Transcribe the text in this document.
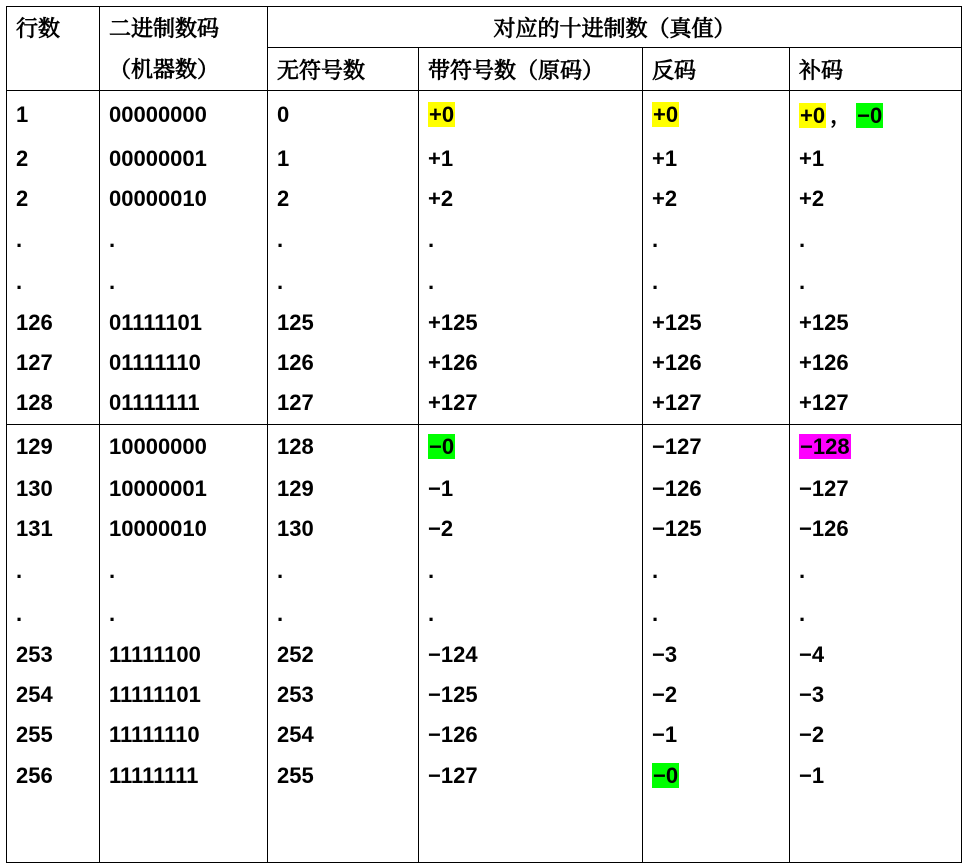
行数	二进制数码	对应的十进制数（真值）			
	（机器数）	无符号数	带符号数（原码）	反码	补码
1	00000000	0	+0	+0	+0 ， −0
2	00000001	1	+1	+1	+1
2	00000010	2	+2	+2	+2
.	.	.	.	.	.
.	.	.	.	.	.
126	01111101	125	+125	+125	+125
127	01111110	126	+126	+126	+126
128	01111111	127	+127	+127	+127
129	10000000	128	−0	−127	−128
130	10000001	129	−1	−126	−127
131	10000010	130	−2	−125	−126
.	.	.	.	.	.
.	.	.	.	.	.
253	11111100	252	−124	−3	−4
254	11111101	253	−125	−2	−3
255	11111110	254	−126	−1	−2
256	11111111	255	−127	−0	−1
